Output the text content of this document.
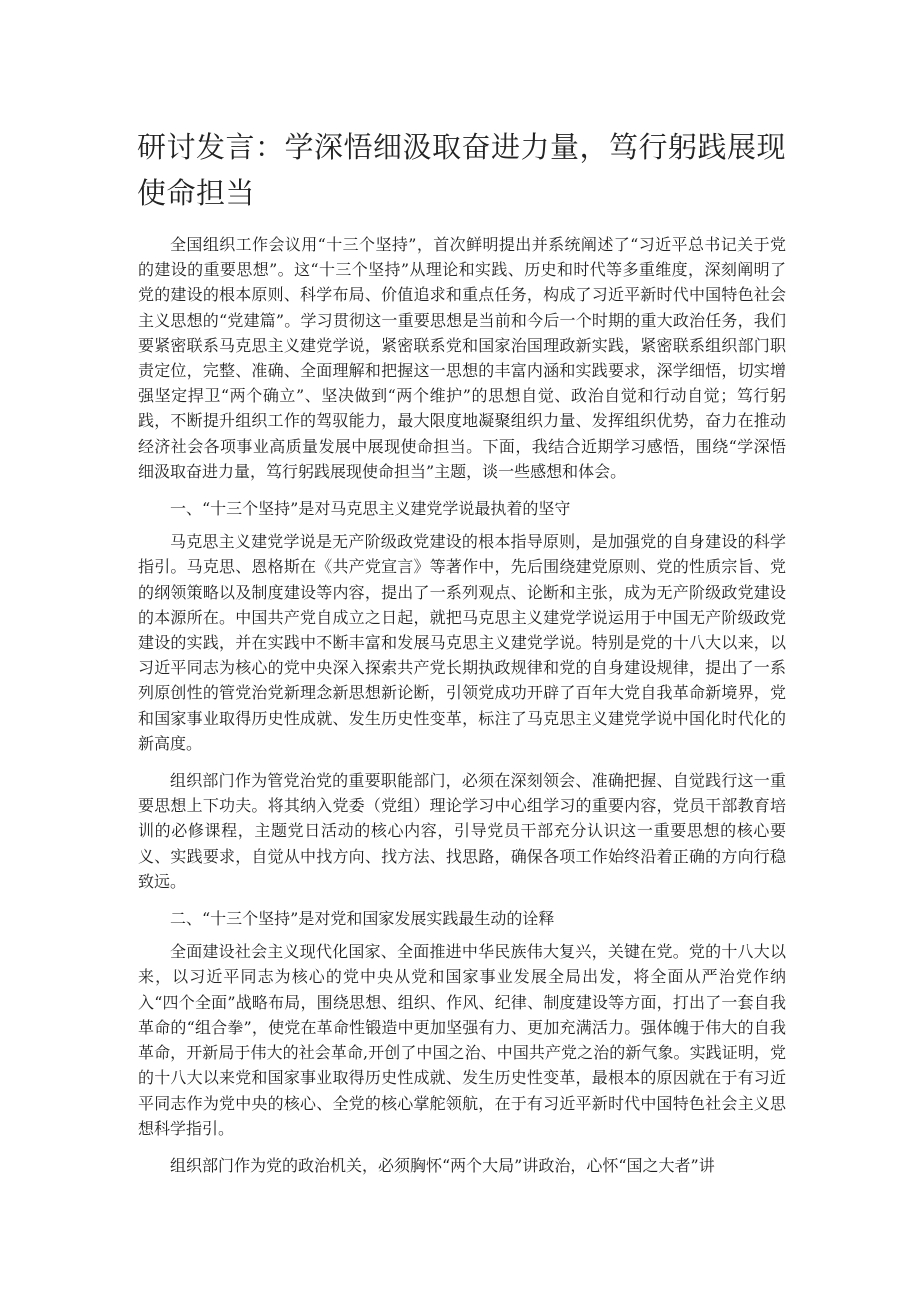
研讨发言：学深悟细汲取奋进力量，笃行躬践展现使命担当

全国组织工作会议用“十三个坚持”，首次鲜明提出并系统阐述了“习近平总书记关于党的建设的重要思想”。这“十三个坚持”从理论和实践、历史和时代等多重维度，深刻阐明了党的建设的根本原则、科学布局、价值追求和重点任务，构成了习近平新时代中国特色社会主义思想的“党建篇”。学习贯彻这一重要思想是当前和今后一个时期的重大政治任务，我们要紧密联系马克思主义建党学说，紧密联系党和国家治国理政新实践，紧密联系组织部门职责定位，完整、准确、全面理解和把握这一思想的丰富内涵和实践要求，深学细悟，切实增强坚定捍卫“两个确立”、坚决做到“两个维护”的思想自觉、政治自觉和行动自觉；笃行躬践，不断提升组织工作的驾驭能力，最大限度地凝聚组织力量、发挥组织优势，奋力在推动经济社会各项事业高质量发展中展现使命担当。下面，我结合近期学习感悟，围绕“学深悟细汲取奋进力量，笃行躬践展现使命担当”主题，谈一些感想和体会。

一、“十三个坚持”是对马克思主义建党学说最执着的坚守

马克思主义建党学说是无产阶级政党建设的根本指导原则，是加强党的自身建设的科学指引。马克思、恩格斯在《共产党宣言》等著作中，先后围绕建党原则、党的性质宗旨、党的纲领策略以及制度建设等内容，提出了一系列观点、论断和主张，成为无产阶级政党建设的本源所在。中国共产党自成立之日起，就把马克思主义建党学说运用于中国无产阶级政党建设的实践，并在实践中不断丰富和发展马克思主义建党学说。特别是党的十八大以来，以习近平同志为核心的党中央深入探索共产党长期执政规律和党的自身建设规律，提出了一系列原创性的管党治党新理念新思想新论断，引领党成功开辟了百年大党自我革命新境界，党和国家事业取得历史性成就、发生历史性变革，标注了马克思主义建党学说中国化时代化的新高度。

组织部门作为管党治党的重要职能部门，必须在深刻领会、准确把握、自觉践行这一重要思想上下功夫。将其纳入党委（党组）理论学习中心组学习的重要内容，党员干部教育培训的必修课程，主题党日活动的核心内容，引导党员干部充分认识这一重要思想的核心要义、实践要求，自觉从中找方向、找方法、找思路，确保各项工作始终沿着正确的方向行稳致远。

二、“十三个坚持”是对党和国家发展实践最生动的诠释

全面建设社会主义现代化国家、全面推进中华民族伟大复兴，关键在党。党的十八大以来，以习近平同志为核心的党中央从党和国家事业发展全局出发，将全面从严治党作纳入“四个全面”战略布局，围绕思想、组织、作风、纪律、制度建设等方面，打出了一套自我革命的“组合拳”，使党在革命性锻造中更加坚强有力、更加充满活力。强体魄于伟大的自我革命，开新局于伟大的社会革命,开创了中国之治、中国共产党之治的新气象。实践证明，党的十八大以来党和国家事业取得历史性成就、发生历史性变革，最根本的原因就在于有习近平同志作为党中央的核心、全党的核心掌舵领航，在于有习近平新时代中国特色社会主义思想科学指引。

组织部门作为党的政治机关，必须胸怀“两个大局”讲政治，心怀“国之大者”讲
